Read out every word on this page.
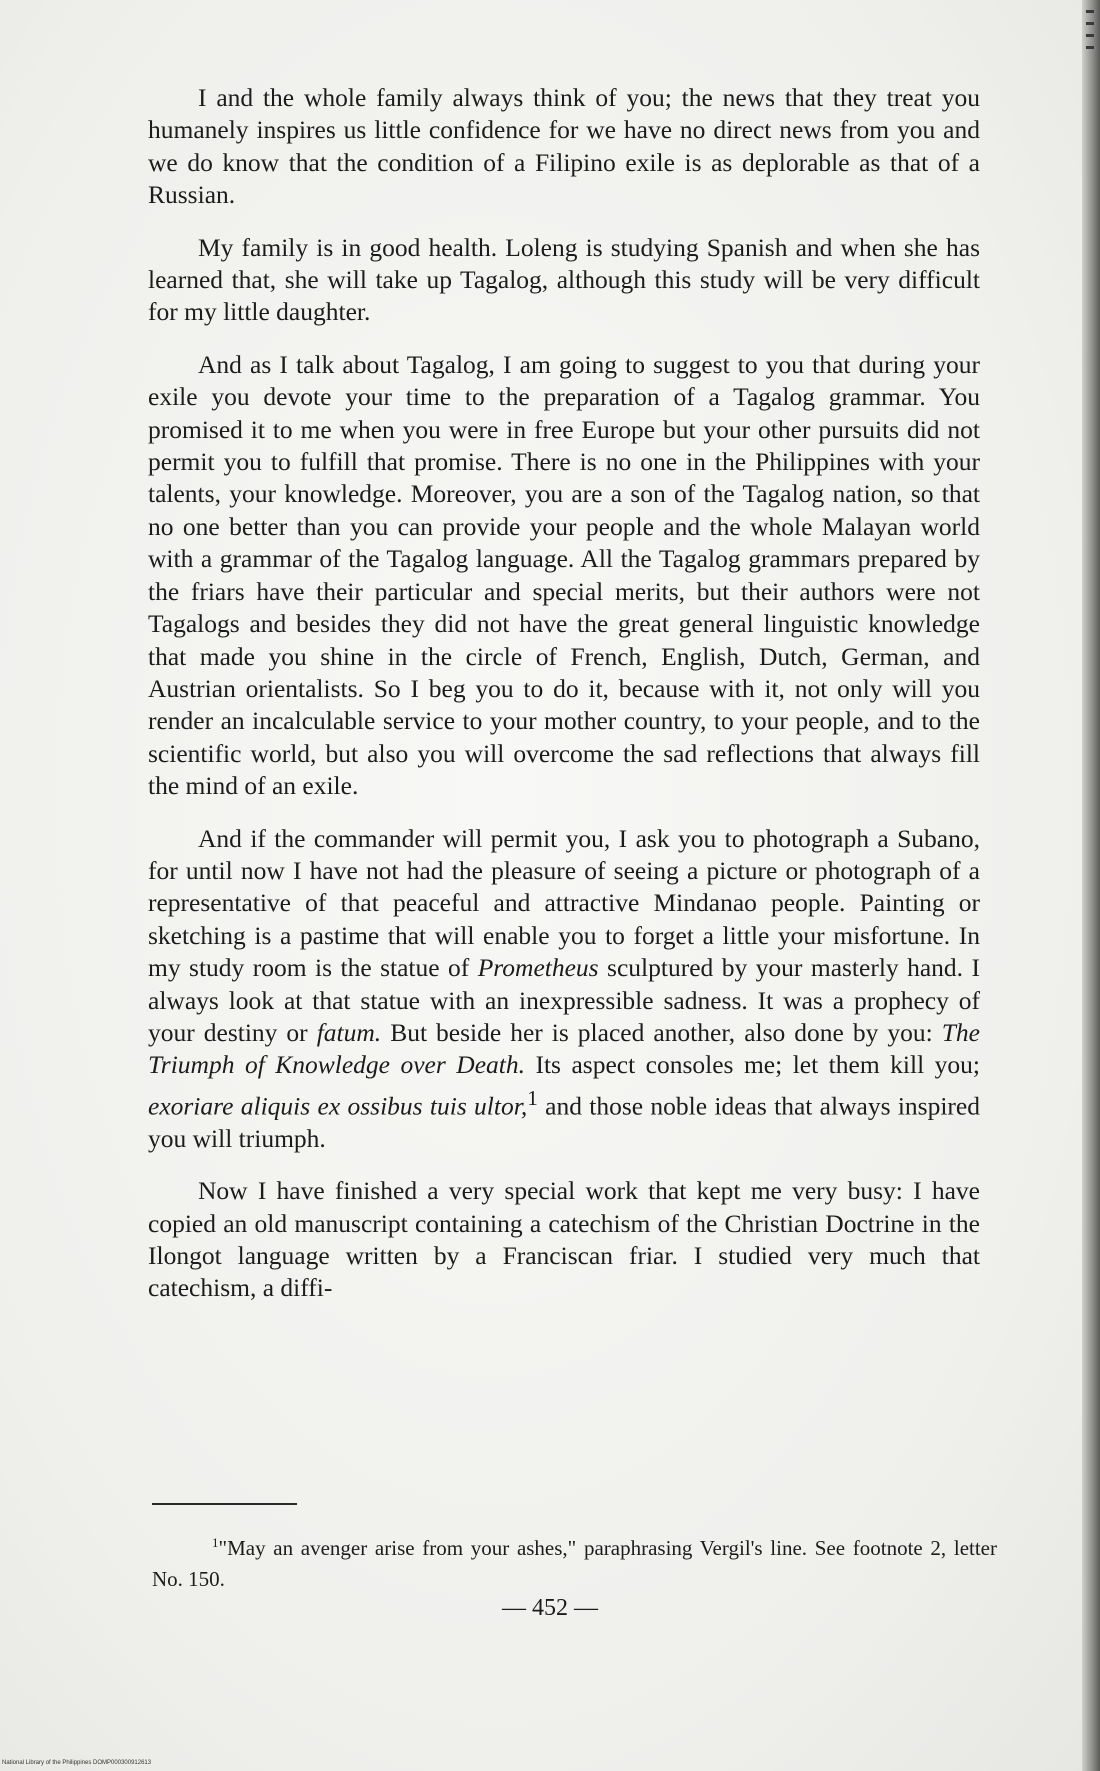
I and the whole family always think of you; the news that they treat you humanely inspires us little confidence for we have no direct news from you and we do know that the condition of a Filipino exile is as deplorable as that of a Russian.

My family is in good health. Loleng is studying Spanish and when she has learned that, she will take up Tagalog, although this study will be very difficult for my little daughter.

And as I talk about Tagalog, I am going to suggest to you that during your exile you devote your time to the preparation of a Tagalog grammar. You promised it to me when you were in free Europe but your other pursuits did not permit you to fulfill that promise. There is no one in the Philippines with your talents, your knowledge. Moreover, you are a son of the Tagalog nation, so that no one better than you can provide your people and the whole Malayan world with a grammar of the Tagalog language. All the Tagalog grammars prepared by the friars have their particular and special merits, but their authors were not Tagalogs and besides they did not have the great general linguistic knowledge that made you shine in the circle of French, English, Dutch, German, and Austrian orientalists. So I beg you to do it, because with it, not only will you render an incalculable service to your mother country, to your people, and to the scientific world, but also you will overcome the sad reflections that always fill the mind of an exile.

And if the commander will permit you, I ask you to photograph a Subano, for until now I have not had the pleasure of seeing a picture or photograph of a representative of that peaceful and attractive Mindanao people. Painting or sketching is a pastime that will enable you to forget a little your misfortune. In my study room is the statue of Prometheus sculptured by your masterly hand. I always look at that statue with an inexpressible sadness. It was a prophecy of your destiny or fatum. But beside her is placed another, also done by you: The Triumph of Knowledge over Death. Its aspect consoles me; let them kill you; exoriare aliquis ex ossibus tuis ultor,$^1$ and those noble ideas that always inspired you will triumph.

Now I have finished a very special work that kept me very busy: I have copied an old manuscript containing a catechism of the Christian Doctrine in the Ilongot language written by a Franciscan friar. I studied very much that catechism, a diffi-

$^1$"May an avenger arise from your ashes," paraphrasing Vergil's line. See footnote 2, letter No. 150.

— 452 —
National Library of the Philippines DOMP000300912613
